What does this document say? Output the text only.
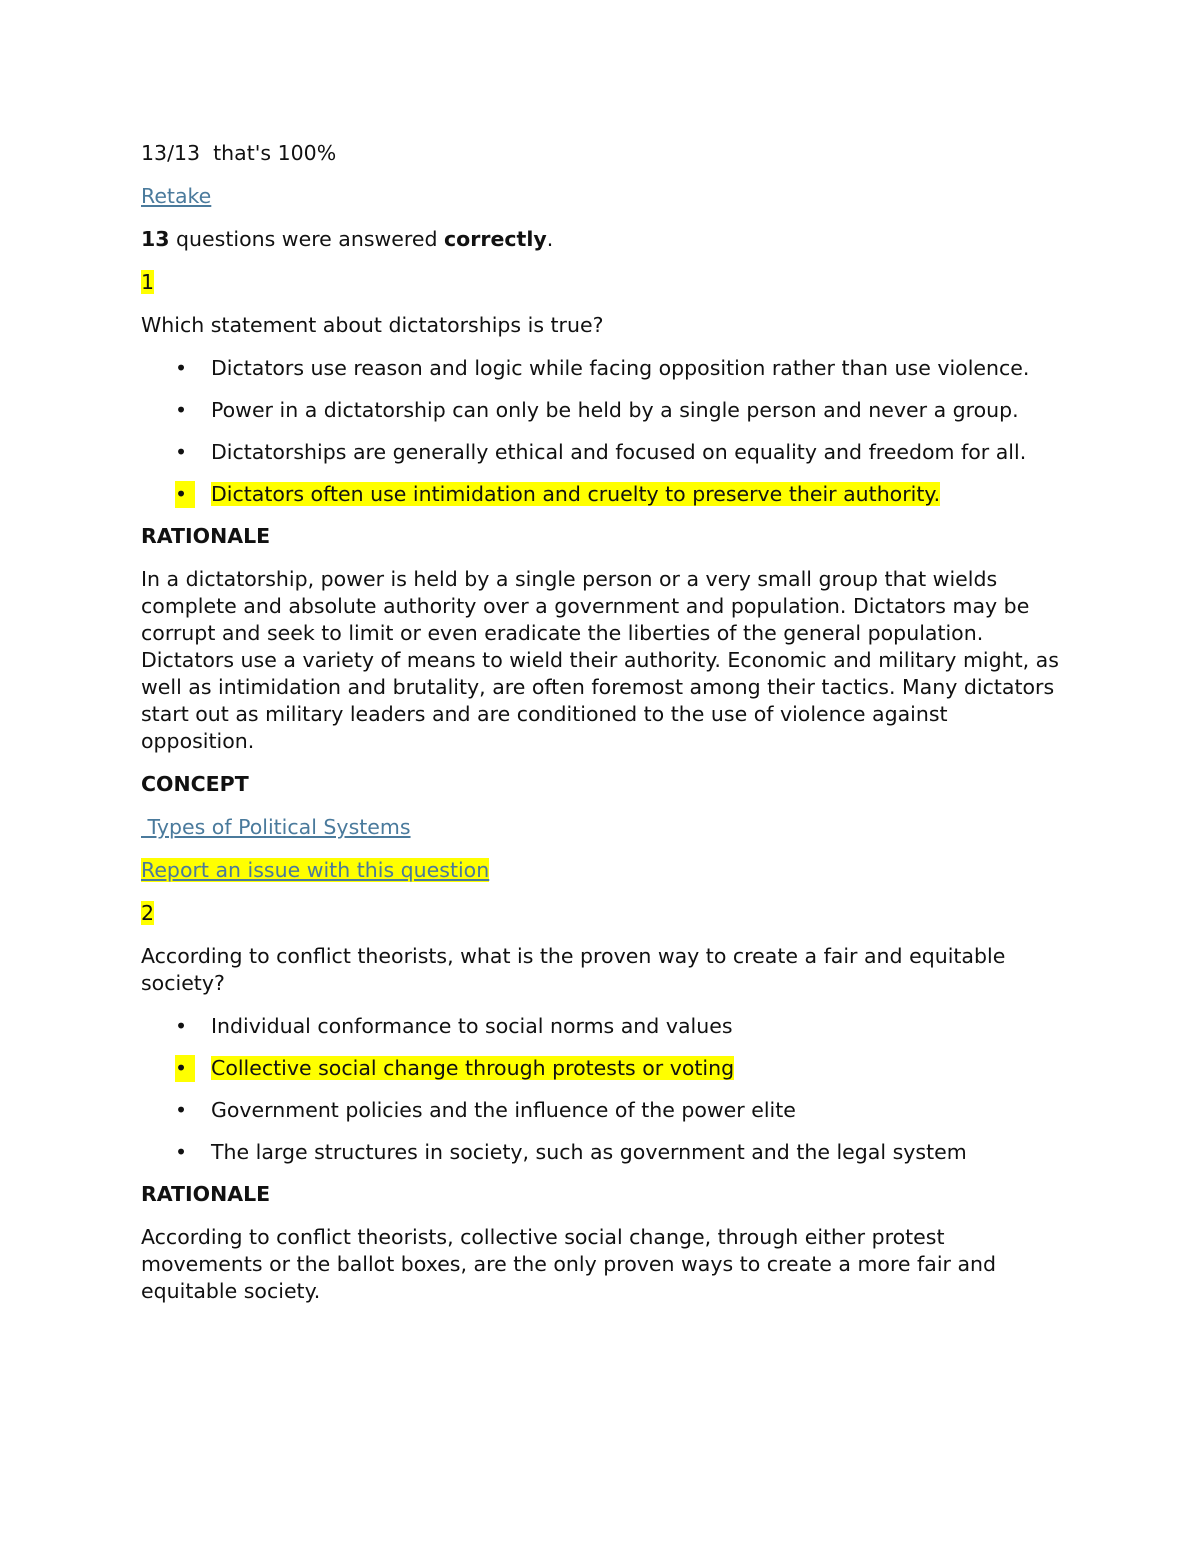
13/13 that's 100%

Retake

13 questions were answered correctly.

1

Which statement about dictatorships is true?

•	Dictators use reason and logic while facing opposition rather than use violence.
•	Power in a dictatorship can only be held by a single person and never a group.
•	Dictatorships are generally ethical and focused on equality and freedom for all.
•	Dictators often use intimidation and cruelty to preserve their authority.

RATIONALE

In a dictatorship, power is held by a single person or a very small group that wields complete and absolute authority over a government and population. Dictators may be corrupt and seek to limit or even eradicate the liberties of the general population. Dictators use a variety of means to wield their authority. Economic and military might, as well as intimidation and brutality, are often foremost among their tactics. Many dictators start out as military leaders and are conditioned to the use of violence against opposition.

CONCEPT

Types of Political Systems

Report an issue with this question

2

According to conflict theorists, what is the proven way to create a fair and equitable society?

•	Individual conformance to social norms and values
•	Collective social change through protests or voting
•	Government policies and the influence of the power elite
•	The large structures in society, such as government and the legal system

RATIONALE

According to conflict theorists, collective social change, through either protest movements or the ballot boxes, are the only proven ways to create a more fair and equitable society.
